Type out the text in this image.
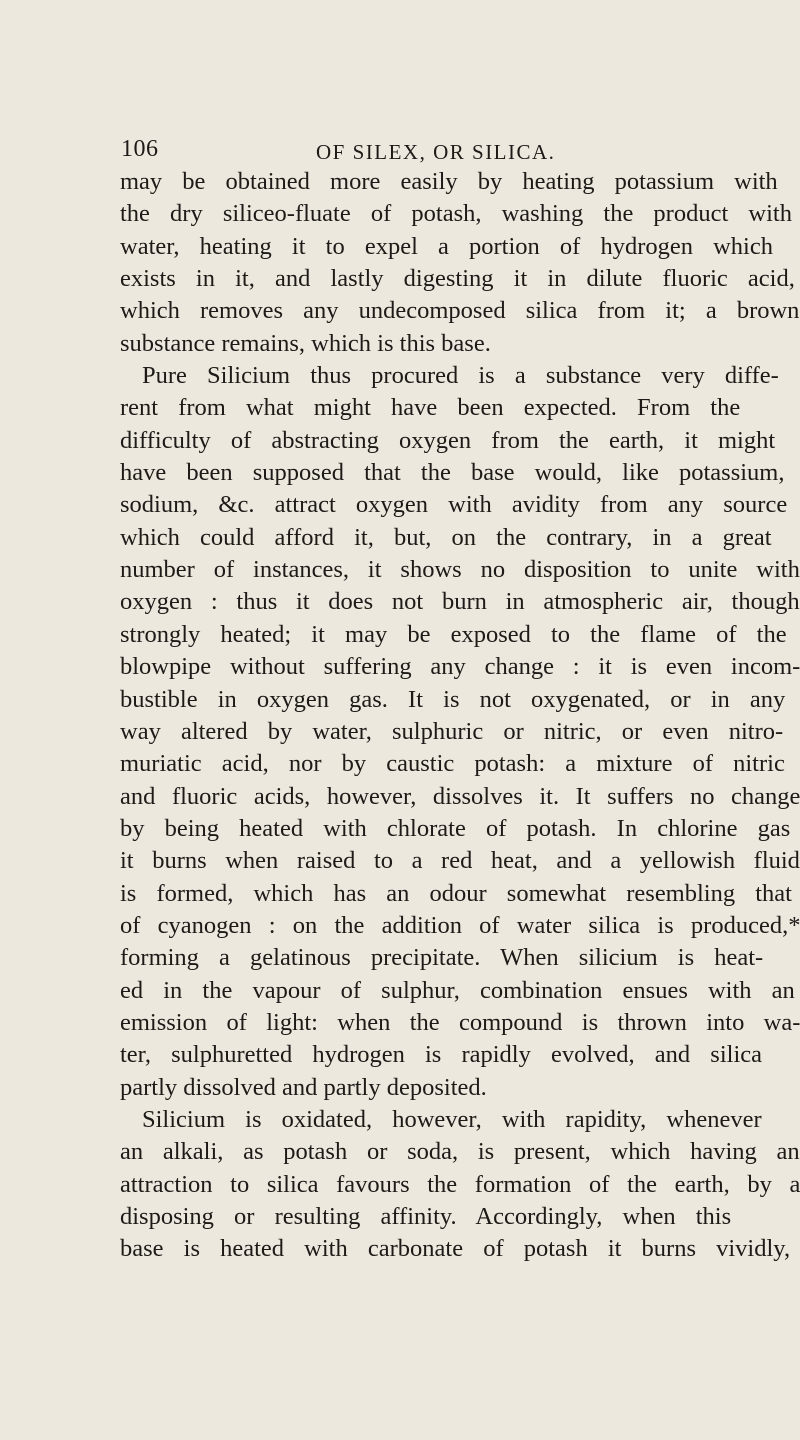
106	OF SILEX, OR SILICA.
may be obtained more easily by heating potassium with
the dry siliceo-fluate of potash, washing the product with
water, heating it to expel a portion of hydrogen which
exists in it, and lastly digesting it in dilute fluoric acid,
which removes any undecomposed silica from it; a brown
substance remains, which is this base.
Pure Silicium thus procured is a substance very diffe-
rent from what might have been expected. From the
difficulty of abstracting oxygen from the earth, it might
have been supposed that the base would, like potassium,
sodium, &c. attract oxygen with avidity from any source
which could afford it, but, on the contrary, in a great
number of instances, it shows no disposition to unite with
oxygen : thus it does not burn in atmospheric air, though
strongly heated; it may be exposed to the flame of the
blowpipe without suffering any change : it is even incom-
bustible in oxygen gas. It is not oxygenated, or in any
way altered by water, sulphuric or nitric, or even nitro-
muriatic acid, nor by caustic potash: a mixture of nitric
and fluoric acids, however, dissolves it. It suffers no change
by being heated with chlorate of potash. In chlorine gas
it burns when raised to a red heat, and a yellowish fluid
is formed, which has an odour somewhat resembling that
of cyanogen : on the addition of water silica is produced,*
forming a gelatinous precipitate. When silicium is heat-
ed in the vapour of sulphur, combination ensues with an
emission of light: when the compound is thrown into wa-
ter, sulphuretted hydrogen is rapidly evolved, and silica
partly dissolved and partly deposited.
Silicium is oxidated, however, with rapidity, whenever
an alkali, as potash or soda, is present, which having an
attraction to silica favours the formation of the earth, by a
disposing or resulting affinity. Accordingly, when this
base is heated with carbonate of potash it burns vividly,
